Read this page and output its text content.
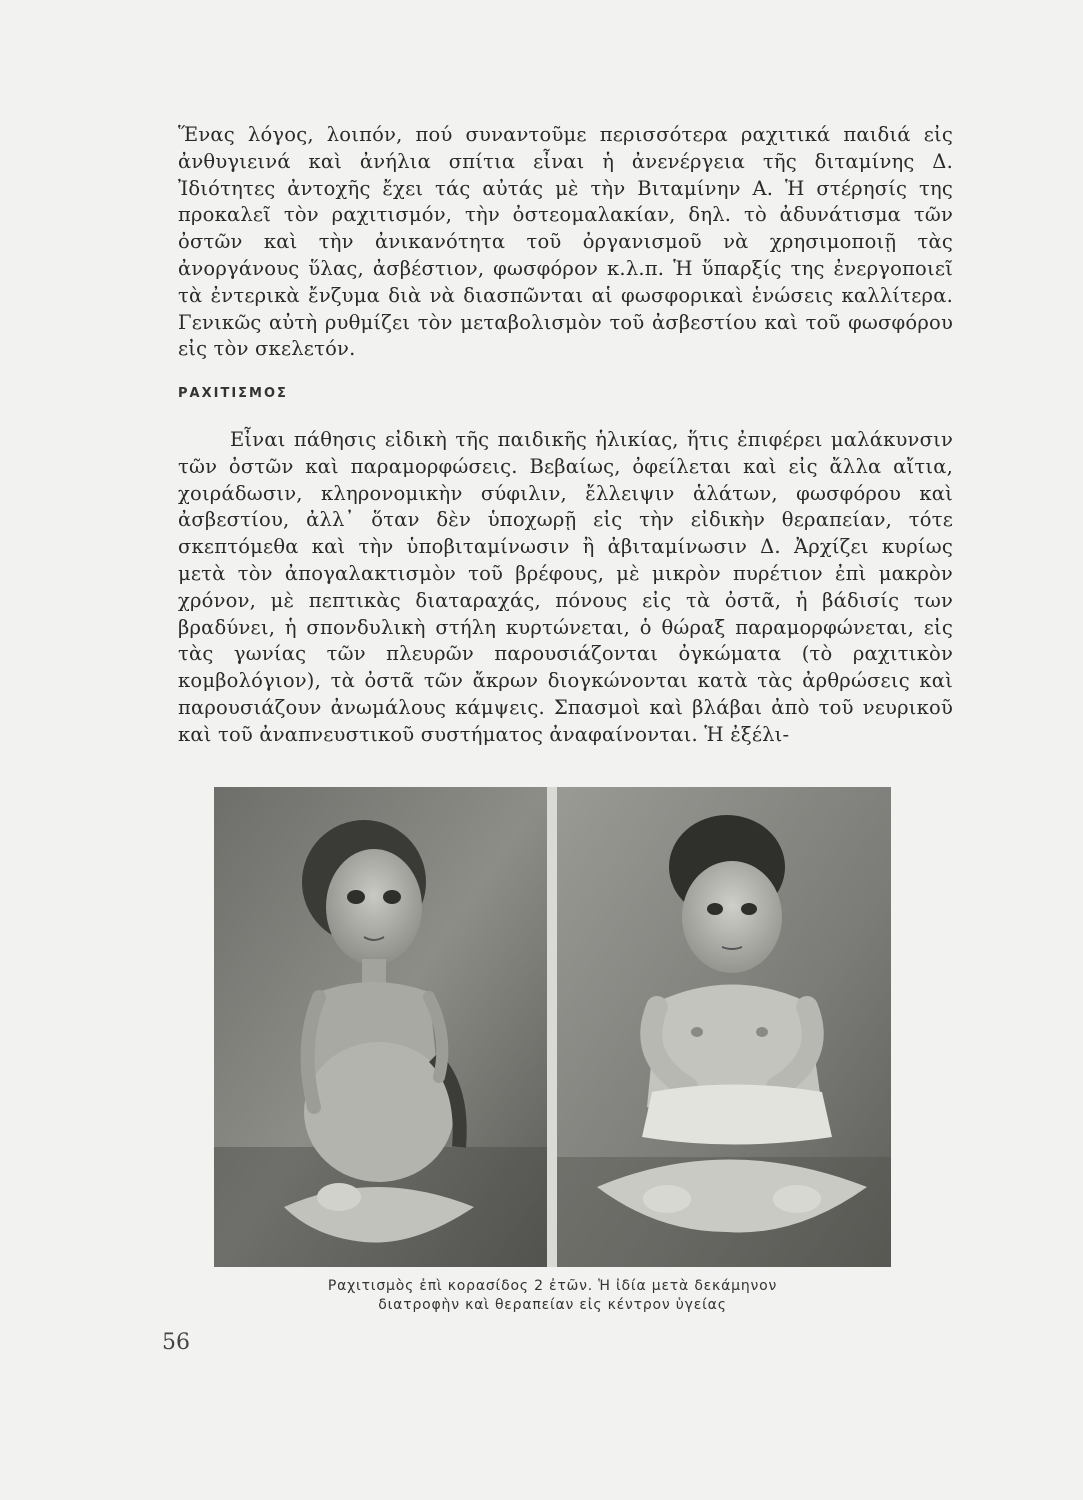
Ἕνας λόγος, λοιπόν, πού συναντοῦμε περισσότερα ραχιτικά παιδιά εἰς ἀνθυγιεινά καὶ ἀνήλια σπίτια εἶναι ἡ ἀνενέργεια τῆς διταμίνης Δ. Ἰδιότητες ἀντοχῆς ἔχει τάς αὐτάς μὲ τὴν Βιταμίνην Α. Ἡ στέρησίς της προκαλεῖ τὸν ραχιτισμόν, τὴν ὀστεομαλακίαν, δηλ. τὸ ἀδυνάτισμα τῶν ὀστῶν καὶ τὴν ἀνικανότητα τοῦ ὀργανισμοῦ νὰ χρησιμοποιῇ τὰς ἀνοργάνους ὕλας, ἀσβέστιον, φωσφόρον κ.λ.π. Ἡ ὕπαρξίς της ἐνεργοποιεῖ τὰ ἐντερικὰ ἔνζυμα διὰ νὰ διασπῶνται αἱ φωσφορικαὶ ἑνώσεις καλλίτερα. Γενικῶς αὐτὴ ρυθμίζει τὸν μεταβολισμὸν τοῦ ἀσβεστίου καὶ τοῦ φωσφόρου εἰς τὸν σκελετόν.

ΡΑΧΙΤΙΣΜΟΣ

Εἶναι πάθησις εἰδικὴ τῆς παιδικῆς ἡλικίας, ἥτις ἐπιφέρει μαλάκυνσιν τῶν ὀστῶν καὶ παραμορφώσεις. Βεβαίως, ὀφείλεται καὶ εἰς ἄλλα αἴτια, χοιράδωσιν, κληρονομικὴν σύφιλιν, ἔλλειψιν ἁλάτων, φωσφόρου καὶ ἀσβεστίου, ἀλλ᾽ ὅταν δὲν ὑποχωρῇ εἰς τὴν εἰδικὴν θεραπείαν, τότε σκεπτόμεθα καὶ τὴν ὑποβιταμίνωσιν ἢ ἀβιταμίνωσιν Δ. Ἀρχίζει κυρίως μετὰ τὸν ἀπογαλακτισμὸν τοῦ βρέφους, μὲ μικρὸν πυρέτιον ἐπὶ μακρὸν χρόνον, μὲ πεπτικὰς διαταραχάς, πόνους εἰς τὰ ὀστᾶ, ἡ βάδισίς των βραδύνει, ἡ σπονδυλικὴ στήλη κυρτώνεται, ὁ θώραξ παραμορφώνεται, εἰς τὰς γωνίας τῶν πλευρῶν παρουσιάζονται ὀγκώματα (τὸ ραχιτικὸν κομβολόγιον), τὰ ὀστᾶ τῶν ἄκρων διογκώνονται κατὰ τὰς ἀρθρώσεις καὶ παρουσιάζουν ἀνωμάλους κάμψεις. Σπασμοὶ καὶ βλάβαι ἀπὸ τοῦ νευρικοῦ καὶ τοῦ ἀναπνευστικοῦ συστήματος ἀναφαίνονται. Ἡ ἐξέλι-

Ραχιτισμὸς ἐπὶ κορασίδος 2 ἐτῶν. Ἡ ἰδία μετὰ δεκάμηνον
διατροφὴν καὶ θεραπείαν εἰς κέντρον ὑγείας

56
